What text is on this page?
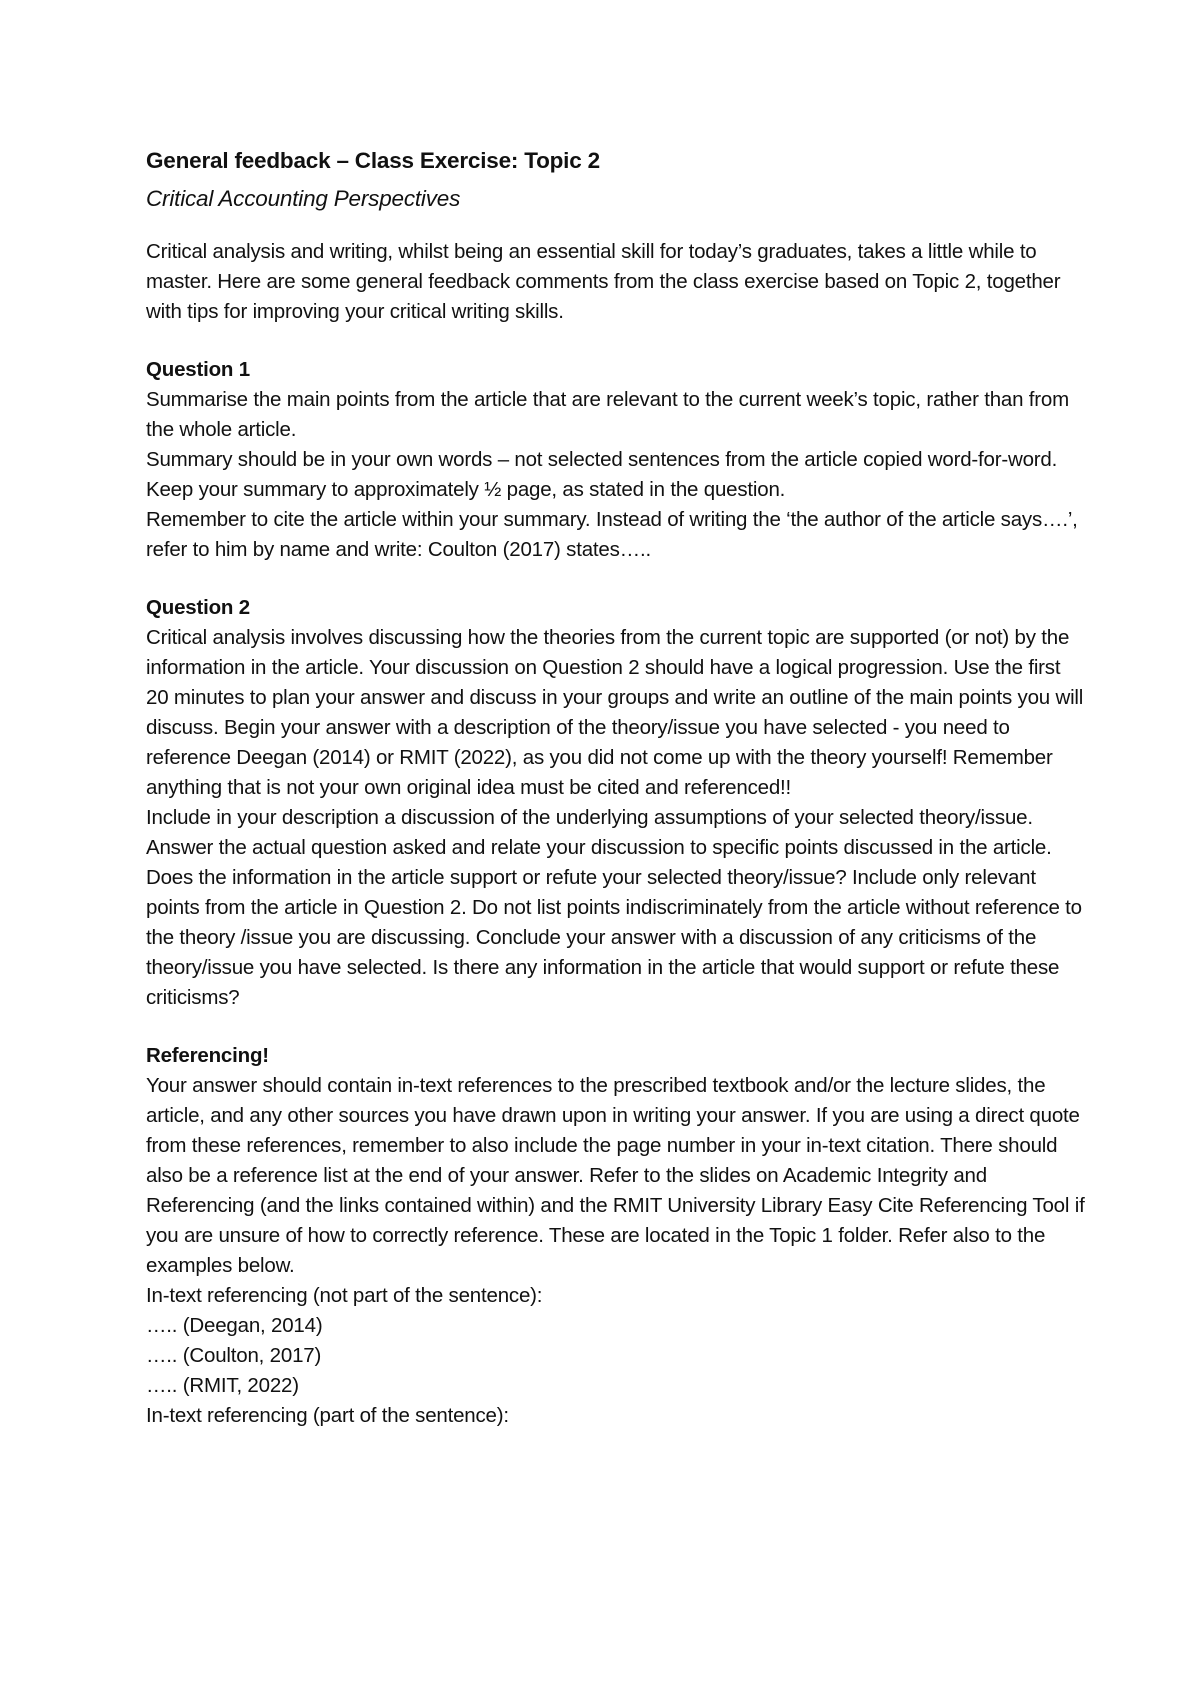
General feedback – Class Exercise: Topic 2

Critical Accounting Perspectives

Critical analysis and writing, whilst being an essential skill for today’s graduates, takes a little while to master. Here are some general feedback comments from the class exercise based on Topic 2, together with tips for improving your critical writing skills.

Question 1

Summarise the main points from the article that are relevant to the current week’s topic, rather than from the whole article.

Summary should be in your own words – not selected sentences from the article copied word-for-word.

Keep your summary to approximately ½ page, as stated in the question.

Remember to cite the article within your summary. Instead of writing the ‘the author of the article says….’, refer to him by name and write: Coulton (2017) states…..

Question 2

Critical analysis involves discussing how the theories from the current topic are supported (or not) by the information in the article. Your discussion on Question 2 should have a logical progression. Use the first 20 minutes to plan your answer and discuss in your groups and write an outline of the main points you will discuss. Begin your answer with a description of the theory/issue you have selected - you need to reference Deegan (2014) or RMIT (2022), as you did not come up with the theory yourself! Remember anything that is not your own original idea must be cited and referenced!!

Include in your description a discussion of the underlying assumptions of your selected theory/issue.

Answer the actual question asked and relate your discussion to specific points discussed in the article. Does the information in the article support or refute your selected theory/issue? Include only relevant points from the article in Question 2. Do not list points indiscriminately from the article without reference to the theory /issue you are discussing. Conclude your answer with a discussion of any criticisms of the theory/issue you have selected. Is there any information in the article that would support or refute these criticisms?

Referencing!

Your answer should contain in-text references to the prescribed textbook and/or the lecture slides, the article, and any other sources you have drawn upon in writing your answer. If you are using a direct quote from these references, remember to also include the page number in your in-text citation. There should also be a reference list at the end of your answer. Refer to the slides on Academic Integrity and Referencing (and the links contained within) and the RMIT University Library Easy Cite Referencing Tool if you are unsure of how to correctly reference. These are located in the Topic 1 folder. Refer also to the examples below.

In-text referencing (not part of the sentence):

….. (Deegan, 2014)

….. (Coulton, 2017)

….. (RMIT, 2022)

In-text referencing (part of the sentence):
